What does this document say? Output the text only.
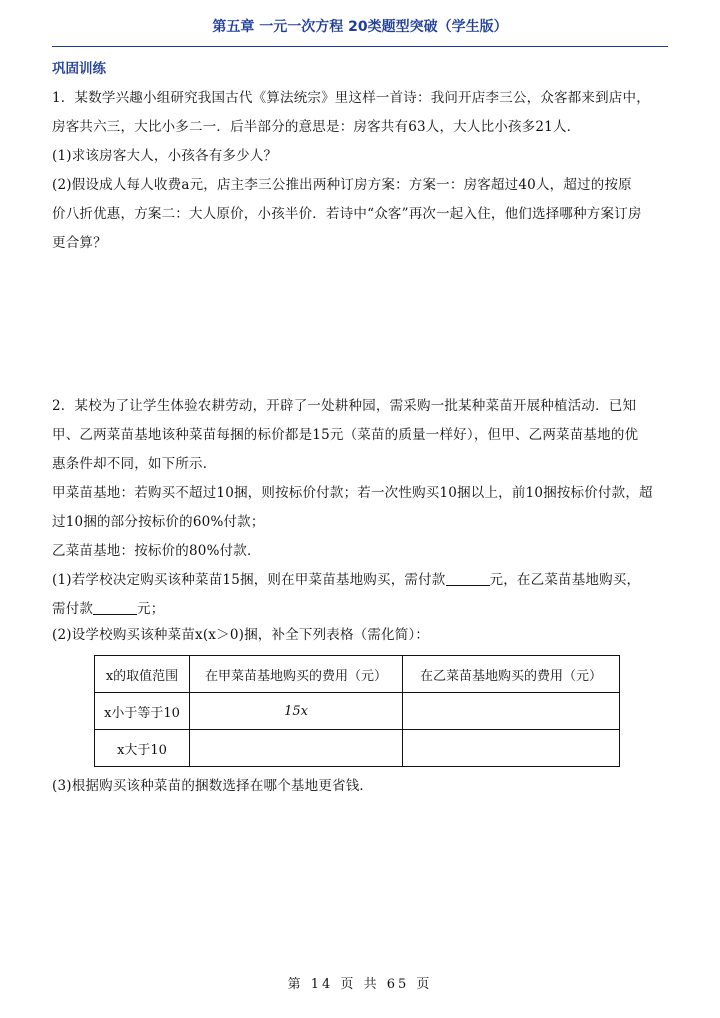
第五章 一元一次方程 20类题型突破（学生版）
巩固训练
1．某数学兴趣小组研究我国古代《算法统宗》里这样一首诗：我问开店李三公，众客都来到店中，
房客共六三，大比小多二一．后半部分的意思是：房客共有63人，大人比小孩多21人．
(1)求该房客大人，小孩各有多少人？
(2)假设成人每人收费a元，店主李三公推出两种订房方案：方案一：房客超过40人，超过的按原
价八折优惠，方案二：大人原价，小孩半价．若诗中“众客”再次一起入住，他们选择哪种方案订房
更合算？
2．某校为了让学生体验农耕劳动，开辟了一处耕种园，需采购一批某种菜苗开展种植活动．已知
甲、乙两菜苗基地该种菜苗每捆的标价都是15元（菜苗的质量一样好），但甲、乙两菜苗基地的优
惠条件却不同，如下所示．
甲菜苗基地：若购买不超过10捆，则按标价付款；若一次性购买10捆以上，前10捆按标价付款，超
过10捆的部分按标价的60%付款；
乙菜苗基地：按标价的80%付款．
(1)若学校决定购买该种菜苗15捆，则在甲菜苗基地购买，需付款	元，在乙菜苗基地购买，
需付款	元；
(2)设学校购买该种菜苗x(x＞0)捆，补全下列表格（需化简）：
x的取值范围	在甲菜苗基地购买的费用（元）	在乙菜苗基地购买的费用（元）
x小于等于10	15x	
x大于10		
(3)根据购买该种菜苗的捆数选择在哪个基地更省钱．
第 14 页 共 65 页
